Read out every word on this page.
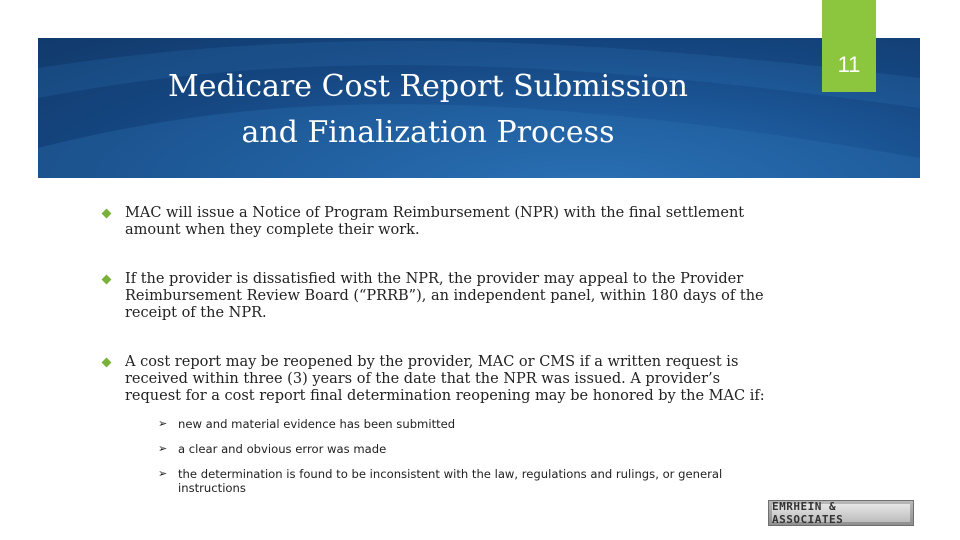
Medicare Cost Report Submission and Finalization Process
11
MAC will issue a Notice of Program Reimbursement (NPR) with the final settlement amount when they complete their work.
If the provider is dissatisfied with the NPR, the provider may appeal to the Provider Reimbursement Review Board (“PRRB”), an independent panel, within 180 days of the receipt of the NPR.
A cost report may be reopened by the provider, MAC or CMS if a written request is received within three (3) years of the date that the NPR was issued. A provider’s request for a cost report final determination reopening may be honored by the MAC if:
➢ new and material evidence has been submitted
➢ a clear and obvious error was made
➢ the determination is found to be inconsistent with the law, regulations and rulings, or general instructions
EMRHEIN & ASSOCIATES
